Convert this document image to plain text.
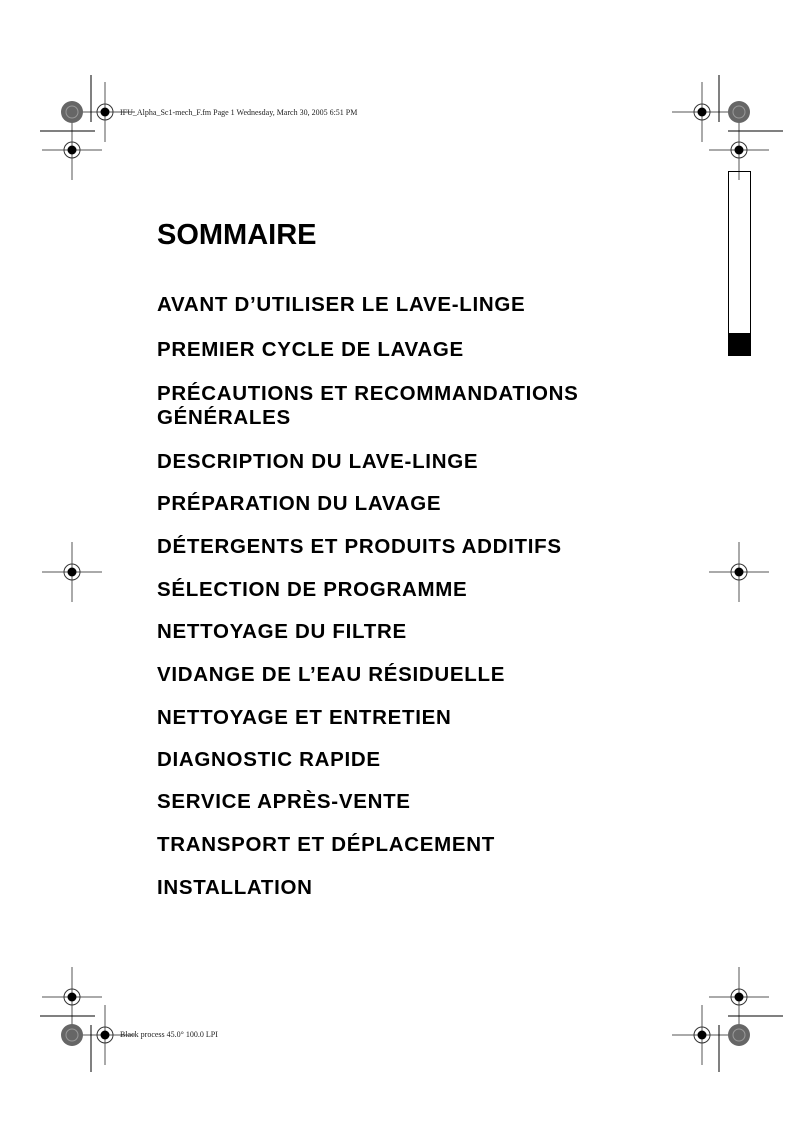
IFU_Alpha_Sc1-mech_F.fm Page 1 Wednesday, March 30, 2005 6:51 PM
Black process 45.0° 100.0 LPI
SOMMAIRE
AVANT D’UTILISER LE LAVE-LINGE
PREMIER CYCLE DE LAVAGE
PRÉCAUTIONS ET RECOMMANDATIONS
GÉNÉRALES
DESCRIPTION DU LAVE-LINGE
PRÉPARATION DU LAVAGE
DÉTERGENTS ET PRODUITS ADDITIFS
SÉLECTION DE PROGRAMME
NETTOYAGE DU FILTRE
VIDANGE DE L’EAU RÉSIDUELLE
NETTOYAGE ET ENTRETIEN
DIAGNOSTIC RAPIDE
SERVICE APRÈS-VENTE
TRANSPORT ET DÉPLACEMENT
INSTALLATION
